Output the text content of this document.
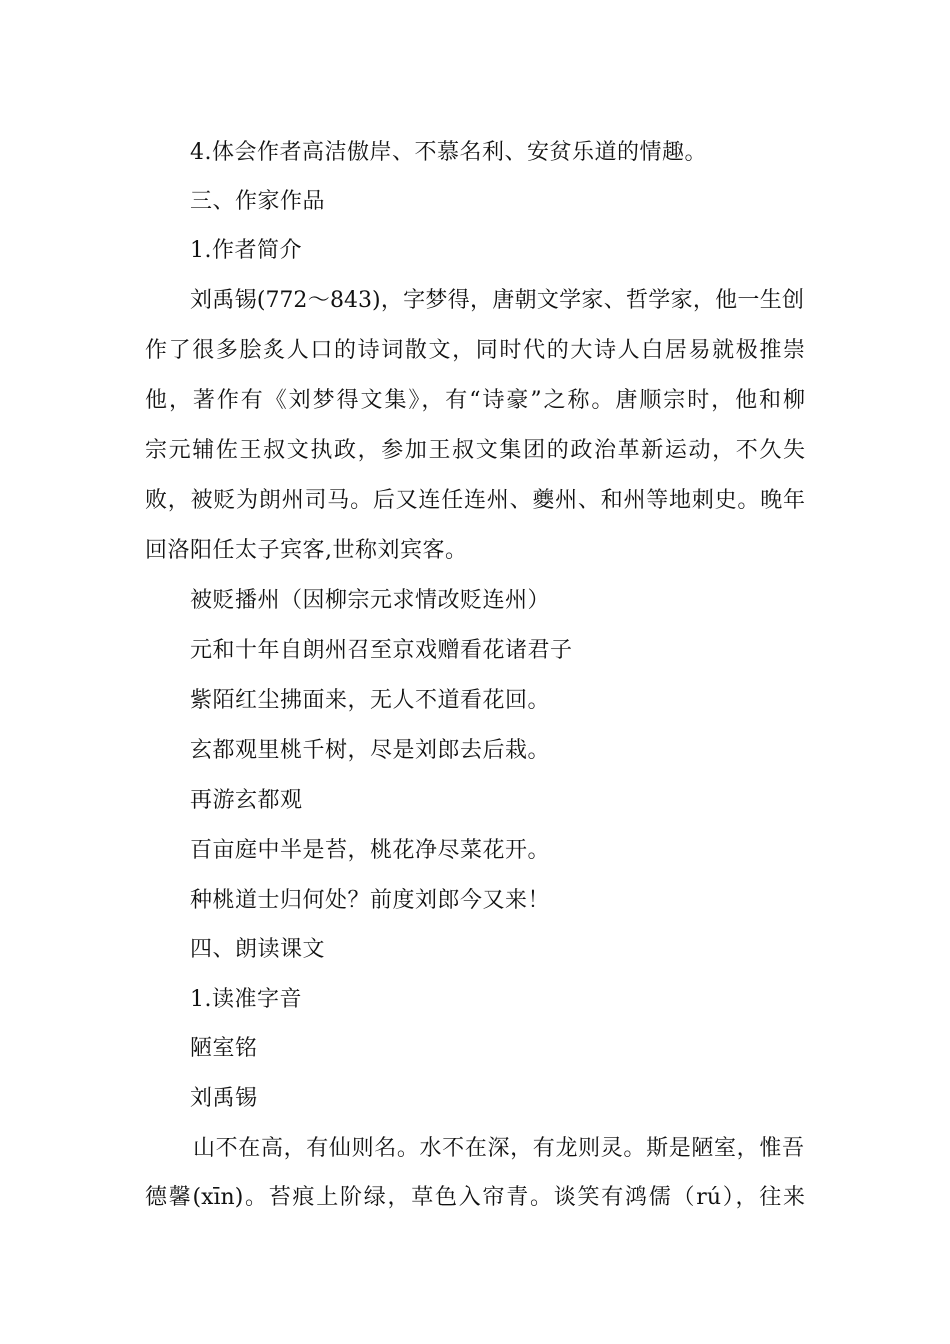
4.体会作者高洁傲岸、不慕名利、安贫乐道的情趣。

三、作家作品

1.作者简介

刘禹锡(772～843)，字梦得，唐朝文学家、哲学家，他一生创

作了很多脍炙人口的诗词散文，同时代的大诗人白居易就极推崇

他，著作有《刘梦得文集》，有“诗豪”之称。唐顺宗时，他和柳

宗元辅佐王叔文执政，参加王叔文集团的政治革新运动，不久失

败，被贬为朗州司马。后又连任连州、夔州、和州等地刺史。晚年

回洛阳任太子宾客,世称刘宾客。

被贬播州（因柳宗元求情改贬连州）

元和十年自朗州召至京戏赠看花诸君子

紫陌红尘拂面来，无人不道看花回。

玄都观里桃千树，尽是刘郎去后栽。

再游玄都观

百亩庭中半是苔，桃花净尽菜花开。

种桃道士归何处？前度刘郎今又来！

四、朗读课文

1.读准字音

陋室铭

刘禹锡

山不在高，有仙则名。水不在深，有龙则灵。斯是陋室，惟吾

德馨(xīn)。苔痕上阶绿，草色入帘青。谈笑有鸿儒（rú），往来
